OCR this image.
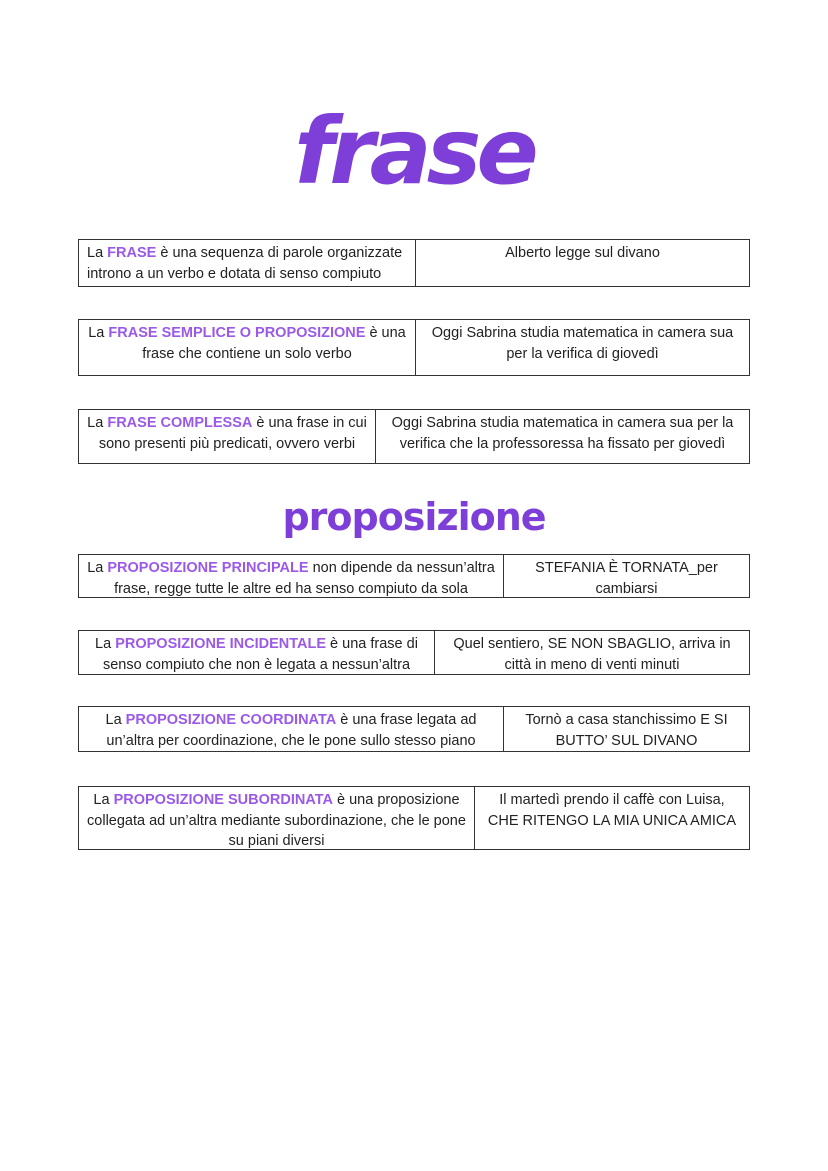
frase
La FRASE è una sequenza di parole organizzate introno a un verbo e dotata di senso compiuto
Alberto legge sul divano
La FRASE SEMPLICE O PROPOSIZIONE è una frase che contiene un solo verbo
Oggi Sabrina studia matematica in camera sua per la verifica di giovedì
La FRASE COMPLESSA è una frase in cui sono presenti più predicati, ovvero verbi
Oggi Sabrina studia matematica in camera sua per la verifica che la professoressa ha fissato per giovedì
proposizione
La PROPOSIZIONE PRINCIPALE non dipende da nessun’altra frase, regge tutte le altre ed ha senso compiuto da sola
STEFANIA È TORNATA_per cambiarsi
La PROPOSIZIONE INCIDENTALE è una frase di senso compiuto che non è legata a nessun’altra
Quel sentiero, SE NON SBAGLIO, arriva in città in meno di venti minuti
La PROPOSIZIONE COORDINATA è una frase legata ad un’altra per coordinazione, che le pone sullo stesso piano
Tornò a casa stanchissimo E SI BUTTO’ SUL DIVANO
La PROPOSIZIONE SUBORDINATA è una proposizione collegata ad un’altra mediante subordinazione, che le pone su piani diversi
Il martedì prendo il caffè con Luisa, CHE RITENGO LA MIA UNICA AMICA
